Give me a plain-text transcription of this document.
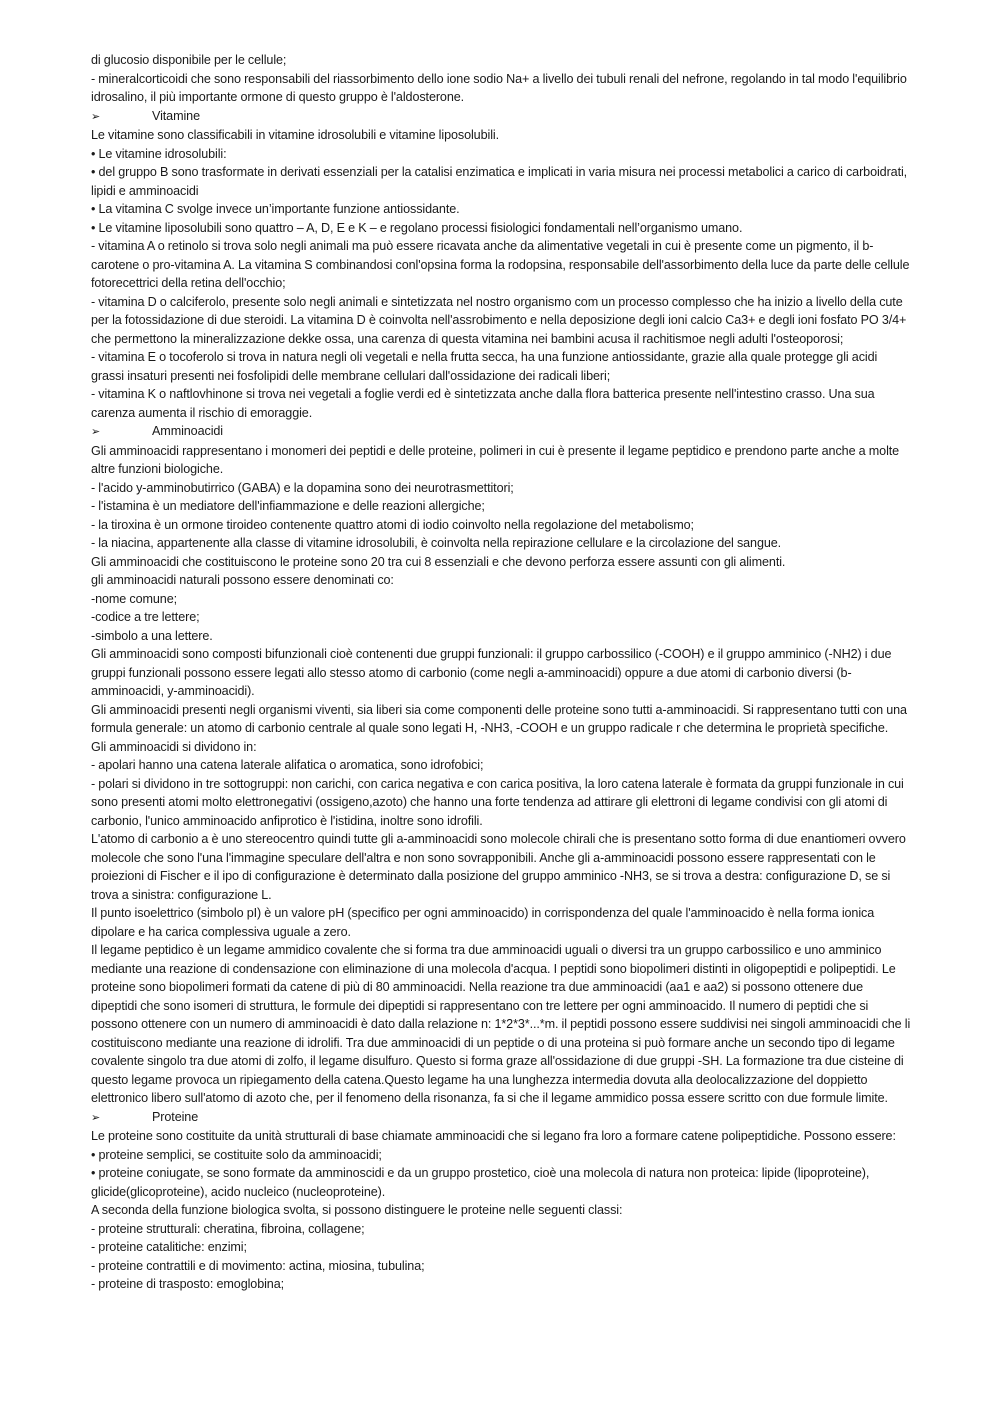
di glucosio disponibile per le cellule;

- mineralcorticoidi che sono responsabili del riassorbimento dello ione sodio Na+ a livello dei tubuli renali del nefrone, regolando in tal modo l'equilibrio idrosalino, il più importante ormone di questo gruppo è l'aldosterone.

➢	Vitamine

Le vitamine sono classificabili in vitamine idrosolubili e vitamine liposolubili.

• Le vitamine idrosolubili:

• del gruppo B sono trasformate in derivati essenziali per la catalisi enzimatica e implicati in varia misura nei processi metabolici a carico di carboidrati, lipidi e amminoacidi

• La vitamina C svolge invece un’importante funzione antiossidante.

• Le vitamine liposolubili sono quattro – A, D, E e K – e regolano processi fisiologici fondamentali nell’organismo umano.

- vitamina A o retinolo si trova solo negli animali ma può essere ricavata anche da alimentative vegetali in cui è presente come un pigmento, il b-carotene o pro-vitamina A. La vitamina S combinandosi conl'opsina forma la rodopsina, responsabile dell'assorbimento della luce da parte delle cellule fotorecettrici della retina dell'occhio;

- vitamina D o calciferolo, presente solo negli animali e sintetizzata nel nostro organismo com un processo complesso che ha inizio a livello della cute per la fotossidazione di due steroidi. La vitamina D è coinvolta nell'assrobimento e nella deposizione degli ioni calcio Ca3+ e degli ioni fosfato PO 3/4+ che permettono la mineralizzazione dekke ossa, una carenza di questa vitamina nei bambini acusa il rachitismoe negli adulti l'osteoporosi;

- vitamina E o tocoferolo si trova in natura negli oli vegetali e nella frutta secca, ha una funzione antiossidante, grazie alla quale protegge gli acidi grassi insaturi presenti nei fosfolipidi delle membrane cellulari dall'ossidazione dei radicali liberi;

- vitamina K o naftlovhinone si trova nei vegetali a foglie verdi ed è sintetizzata anche dalla flora batterica presente nell'intestino crasso. Una sua carenza aumenta il rischio di emoraggie.

➢	Amminoacidi

Gli amminoacidi rappresentano i monomeri dei peptidi e delle proteine, polimeri in cui è presente il legame peptidico e prendono parte anche a molte altre funzioni biologiche.

- l'acido y-amminobutirrico (GABA) e la dopamina sono dei neurotrasmettitori;

- l'istamina è un mediatore dell'infiammazione e delle reazioni allergiche;

- la tiroxina è un ormone tiroideo contenente quattro atomi di iodio coinvolto nella regolazione del metabolismo;

- la niacina, appartenente alla classe di vitamine idrosolubili, è coinvolta nella repirazione cellulare e la circolazione del sangue.

Gli amminoacidi che costituiscono le proteine sono 20 tra cui 8 essenziali e che devono perforza essere assunti con gli alimenti.

gli amminoacidi naturali possono essere denominati co:

-nome comune;

-codice a tre lettere;

-simbolo a una lettere.

Gli amminoacidi sono composti bifunzionali cioè contenenti due gruppi funzionali: il gruppo carbossilico (-COOH) e il gruppo amminico (-NH2) i due gruppi funzionali possono essere legati allo stesso atomo di carbonio (come negli a-amminoacidi) oppure a due atomi di carbonio diversi (b-amminoacidi, y-amminoacidi).

Gli amminoacidi presenti negli organismi viventi, sia liberi sia come componenti delle proteine sono tutti a-amminoacidi. Si rappresentano tutti con una formula generale: un atomo di carbonio centrale al quale sono legati H, -NH3, -COOH e un gruppo radicale r che determina le proprietà specifiche.

Gli amminoacidi si dividono in:

- apolari hanno una catena laterale alifatica o aromatica, sono idrofobici;

- polari si dividono in tre sottogruppi: non carichi, con carica negativa e con carica positiva, la loro catena laterale è formata da gruppi funzionale in cui sono presenti atomi molto elettronegativi (ossigeno,azoto) che hanno una forte tendenza ad attirare gli elettroni di legame condivisi con gli atomi di carbonio, l'unico amminoacido anfiprotico è l'istidina, inoltre sono idrofili.

L'atomo di carbonio a è uno stereocentro quindi tutte gli a-amminoacidi sono molecole chirali che is presentano sotto forma di due enantiomeri ovvero molecole che sono l'una l'immagine speculare dell'altra e non sono sovrapponibili. Anche gli a-amminoacidi possono essere rappresentati con le proiezioni di Fischer e il ipo di configurazione è determinato dalla posizione del gruppo amminico -NH3, se si trova a destra: configurazione D, se si trova a sinistra: configurazione L.

Il punto isoelettrico (simbolo pI) è un valore pH (specifico per ogni amminoacido) in corrispondenza del quale l'amminoacido è nella forma ionica dipolare e ha carica complessiva uguale a zero.

Il legame peptidico è un legame ammidico covalente che si forma tra due amminoacidi uguali o diversi tra un gruppo carbossilico e uno amminico mediante una reazione di condensazione con eliminazione di una molecola d'acqua. I peptidi sono biopolimeri distinti in oligopeptidi e polipeptidi. Le proteine sono biopolimeri formati da catene di più di 80 amminoacidi. Nella reazione tra due amminoacidi (aa1 e aa2) si possono ottenere due dipeptidi che sono isomeri di struttura, le formule dei dipeptidi si rappresentano con tre lettere per ogni amminoacido. Il numero di peptidi che si possono ottenere con un numero di amminoacidi è dato dalla relazione n: 1*2*3*...*m. il peptidi possono essere suddivisi nei singoli amminoacidi che li costituiscono mediante una reazione di idrolifi. Tra due amminoacidi di un peptide o di una proteina si può formare anche un secondo tipo di legame covalente singolo tra due atomi di zolfo, il legame disulfuro. Questo si forma graze all'ossidazione di due gruppi -SH. La formazione tra due cisteine di questo legame provoca un ripiegamento della catena.Questo legame ha una lunghezza intermedia dovuta alla deolocalizzazione del doppietto elettronico libero sull'atomo di azoto che, per il fenomeno della risonanza, fa si che il legame ammidico possa essere scritto con due formule limite.

➢	Proteine

Le proteine sono costituite da unità strutturali di base chiamate amminoacidi che si legano fra loro a formare catene polipeptidiche. Possono essere:

• proteine semplici, se costituite solo da amminoacidi;

• proteine coniugate, se sono formate da amminoscidi e da un gruppo prostetico, cioè una molecola di natura non proteica: lipide (lipoproteine), glicide(glicoproteine), acido nucleico (nucleoproteine).

A seconda della funzione biologica svolta, si possono distinguere le proteine nelle seguenti classi:

- proteine strutturali: cheratina, fibroina, collagene;

- proteine catalitiche: enzimi;

- proteine contrattili e di movimento: actina, miosina, tubulina;

- proteine di trasposto: emoglobina;
